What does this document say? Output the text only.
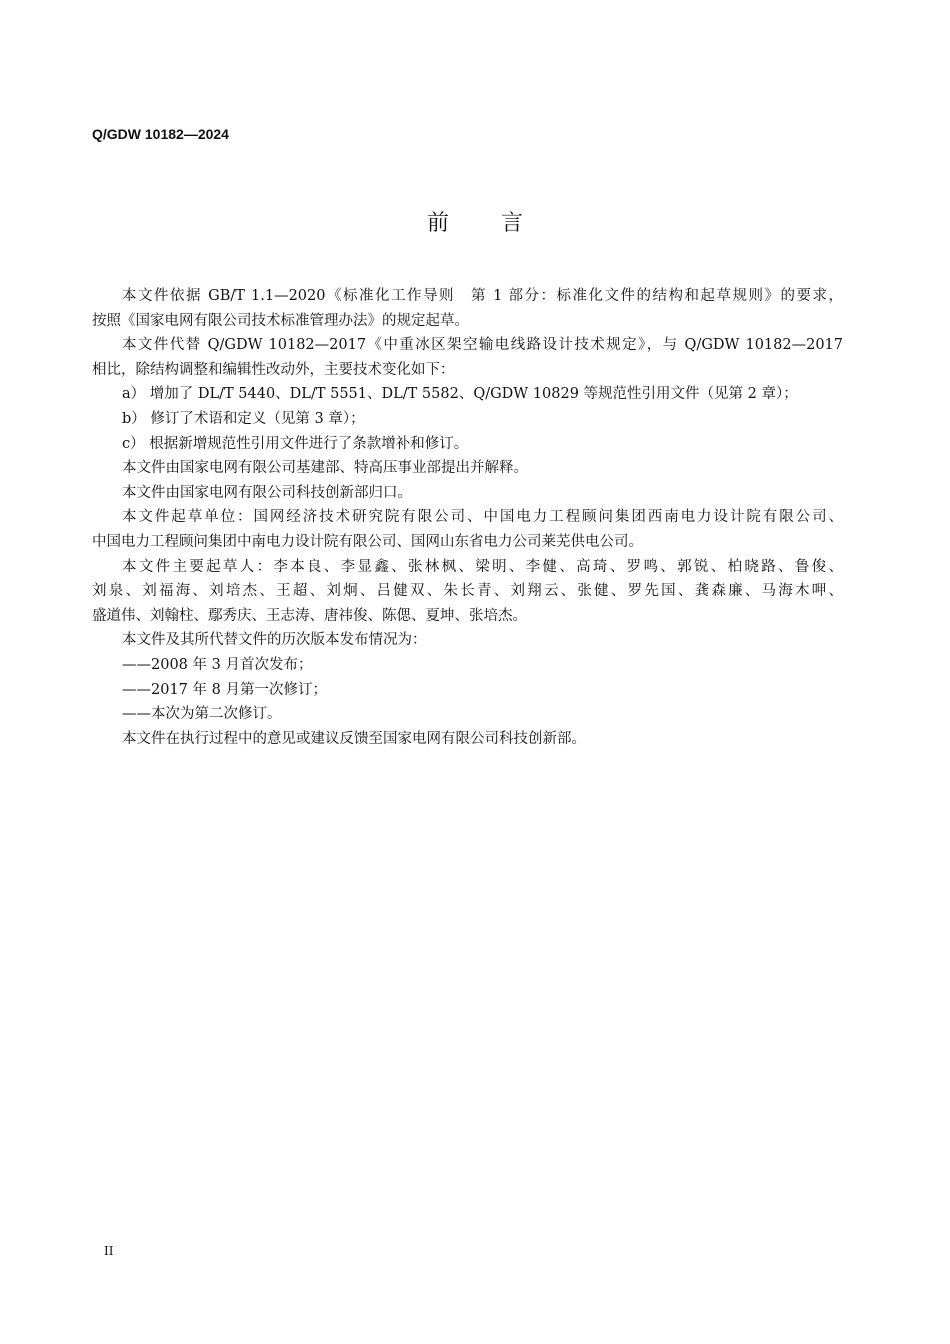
Q/GDW 10182—2024
前言
本文件依据 GB/T 1.1—2020《标准化工作导则　第 1 部分：标准化文件的结构和起草规则》的要求，
按照《国家电网有限公司技术标准管理办法》的规定起草。
本文件代替 Q/GDW 10182—2017《中重冰区架空输电线路设计技术规定》，与 Q/GDW 10182—2017
相比，除结构调整和编辑性改动外，主要技术变化如下：
a） 增加了 DL/T 5440、DL/T 5551、DL/T 5582、Q/GDW 10829 等规范性引用文件（见第 2 章）；
b） 修订了术语和定义（见第 3 章）；
c） 根据新增规范性引用文件进行了条款增补和修订。
本文件由国家电网有限公司基建部、特高压事业部提出并解释。
本文件由国家电网有限公司科技创新部归口。
本文件起草单位：国网经济技术研究院有限公司、中国电力工程顾问集团西南电力设计院有限公司、
中国电力工程顾问集团中南电力设计院有限公司、国网山东省电力公司莱芜供电公司。
本文件主要起草人：李本良、李显鑫、张林枫、梁明、李健、高琦、罗鸣、郭锐、柏晓路、鲁俊、
刘泉、刘福海、刘培杰、王超、刘炯、吕健双、朱长青、刘翔云、张健、罗先国、龚森廉、马海木呷、
盛道伟、刘翰柱、鄢秀庆、王志涛、唐祎俊、陈偲、夏坤、张培杰。
本文件及其所代替文件的历次版本发布情况为：
——2008 年 3 月首次发布；
——2017 年 8 月第一次修订；
——本次为第二次修订。
本文件在执行过程中的意见或建议反馈至国家电网有限公司科技创新部。
II
